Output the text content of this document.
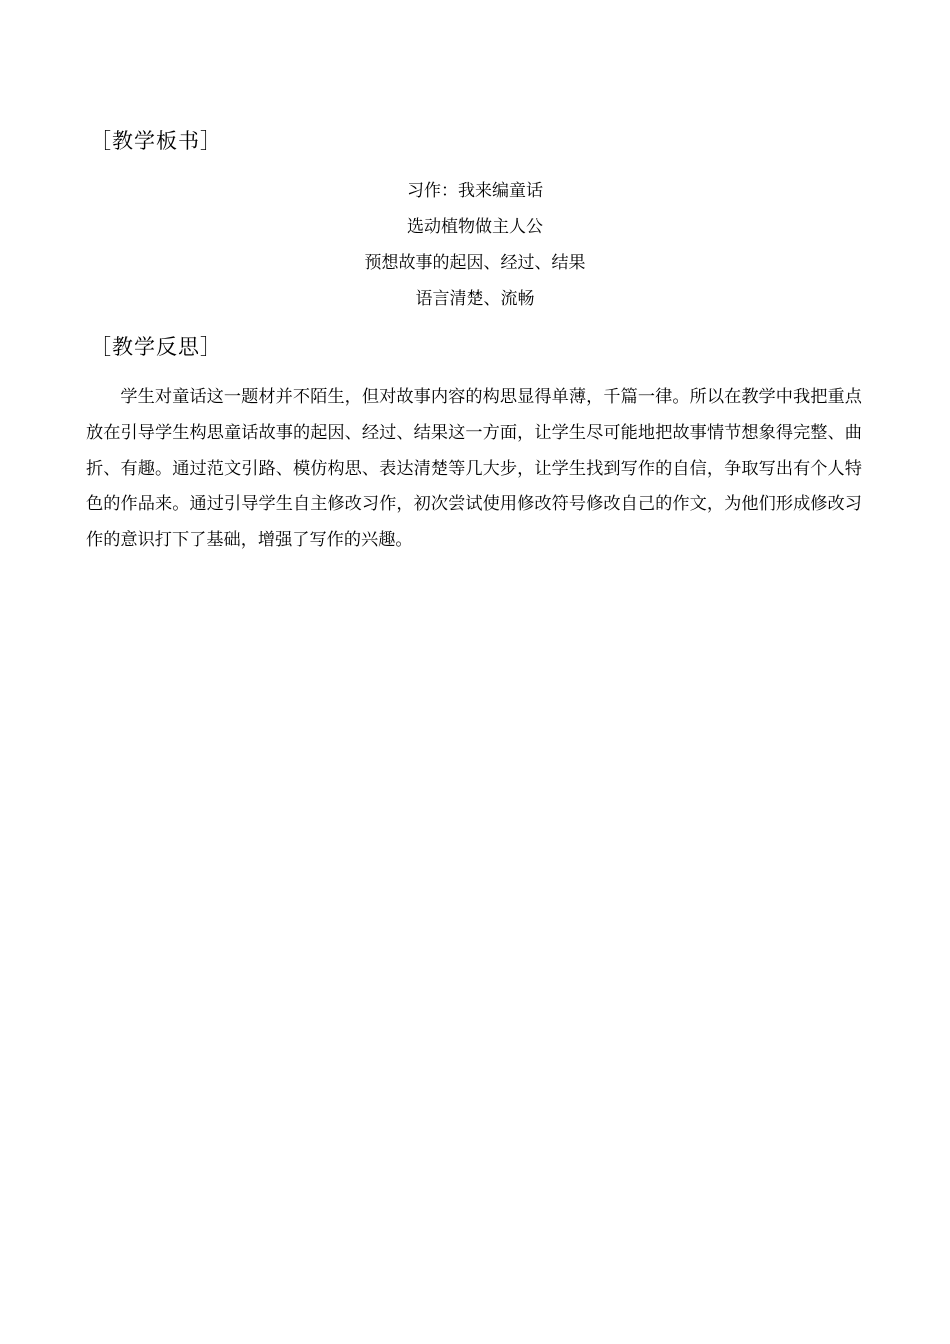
［教学板书］
习作：我来编童话
选动植物做主人公
预想故事的起因、经过、结果
语言清楚、流畅
［教学反思］

学生对童话这一题材并不陌生，但对故事内容的构思显得单薄，千篇一律。所以在教学中我把重点放在引导学生构思童话故事的起因、经过、结果这一方面，让学生尽可能地把故事情节想象得完整、曲折、有趣。通过范文引路、模仿构思、表达清楚等几大步，让学生找到写作的自信，争取写出有个人特色的作品来。通过引导学生自主修改习作，初次尝试使用修改符号修改自己的作文，为他们形成修改习作的意识打下了基础，增强了写作的兴趣。
